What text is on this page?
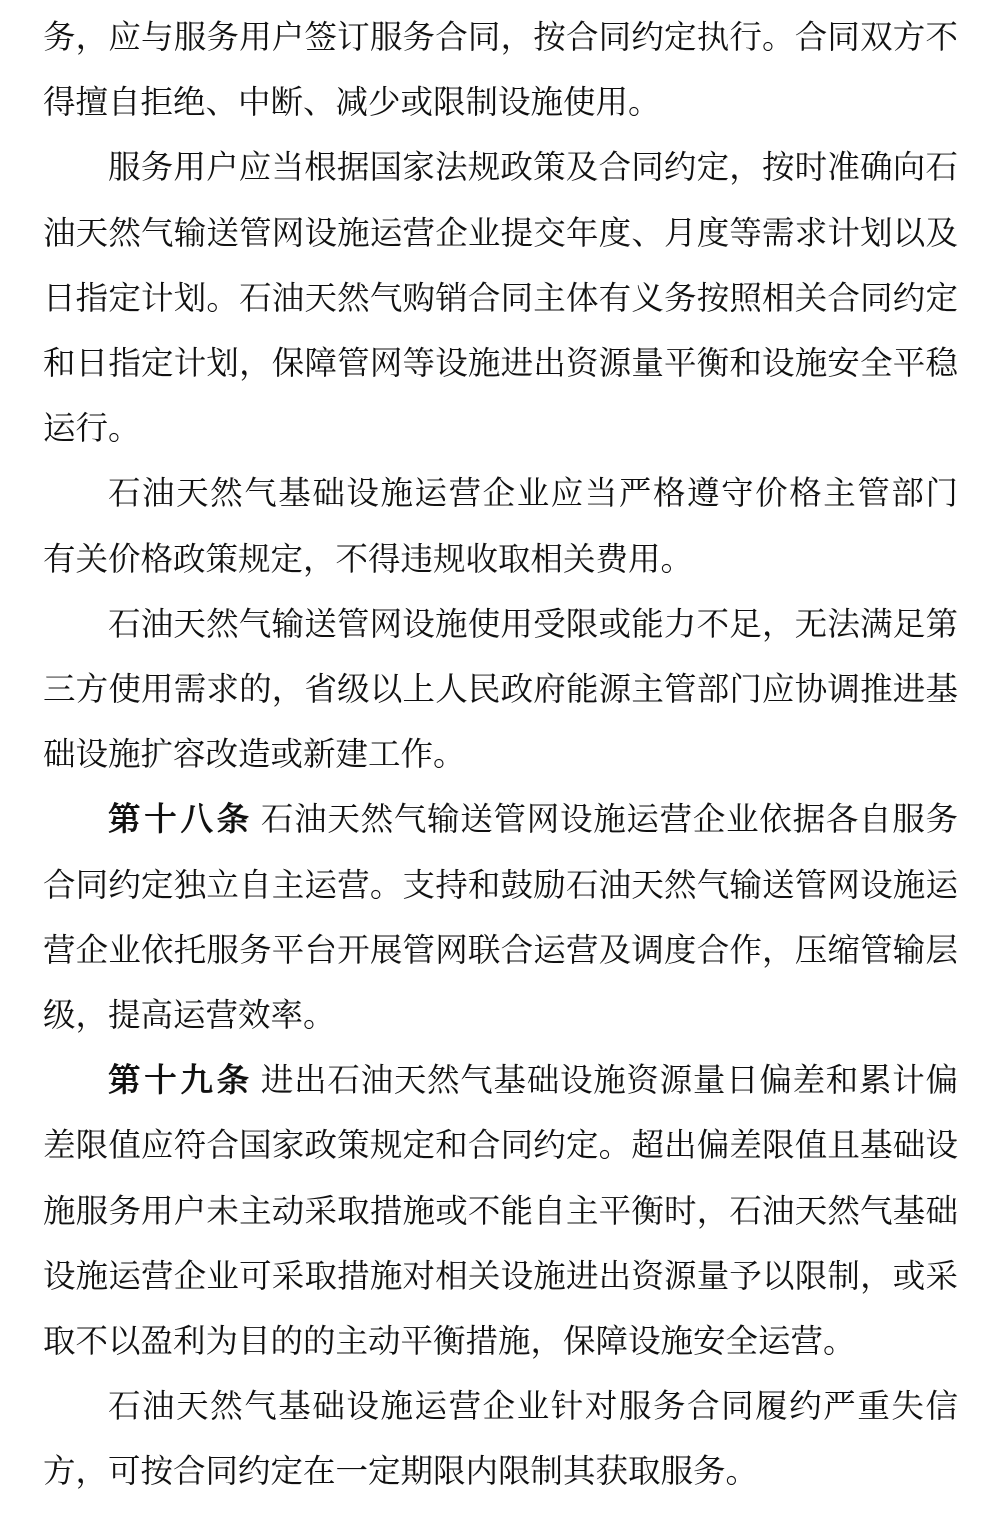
务，应与服务用户签订服务合同，按合同约定执行。合同双方不
得擅自拒绝、中断、减少或限制设施使用。
服务用户应当根据国家法规政策及合同约定，按时准确向石
油天然气输送管网设施运营企业提交年度、月度等需求计划以及
日指定计划。石油天然气购销合同主体有义务按照相关合同约定
和日指定计划，保障管网等设施进出资源量平衡和设施安全平稳
运行。
石油天然气基础设施运营企业应当严格遵守价格主管部门
有关价格政策规定，不得违规收取相关费用。
石油天然气输送管网设施使用受限或能力不足，无法满足第
三方使用需求的，省级以上人民政府能源主管部门应协调推进基
础设施扩容改造或新建工作。
第十八条 石油天然气输送管网设施运营企业依据各自服务
合同约定独立自主运营。支持和鼓励石油天然气输送管网设施运
营企业依托服务平台开展管网联合运营及调度合作，压缩管输层
级，提高运营效率。
第十九条 进出石油天然气基础设施资源量日偏差和累计偏
差限值应符合国家政策规定和合同约定。超出偏差限值且基础设
施服务用户未主动采取措施或不能自主平衡时，石油天然气基础
设施运营企业可采取措施对相关设施进出资源量予以限制，或采
取不以盈利为目的的主动平衡措施，保障设施安全运营。
石油天然气基础设施运营企业针对服务合同履约严重失信
方，可按合同约定在一定期限内限制其获取服务。
